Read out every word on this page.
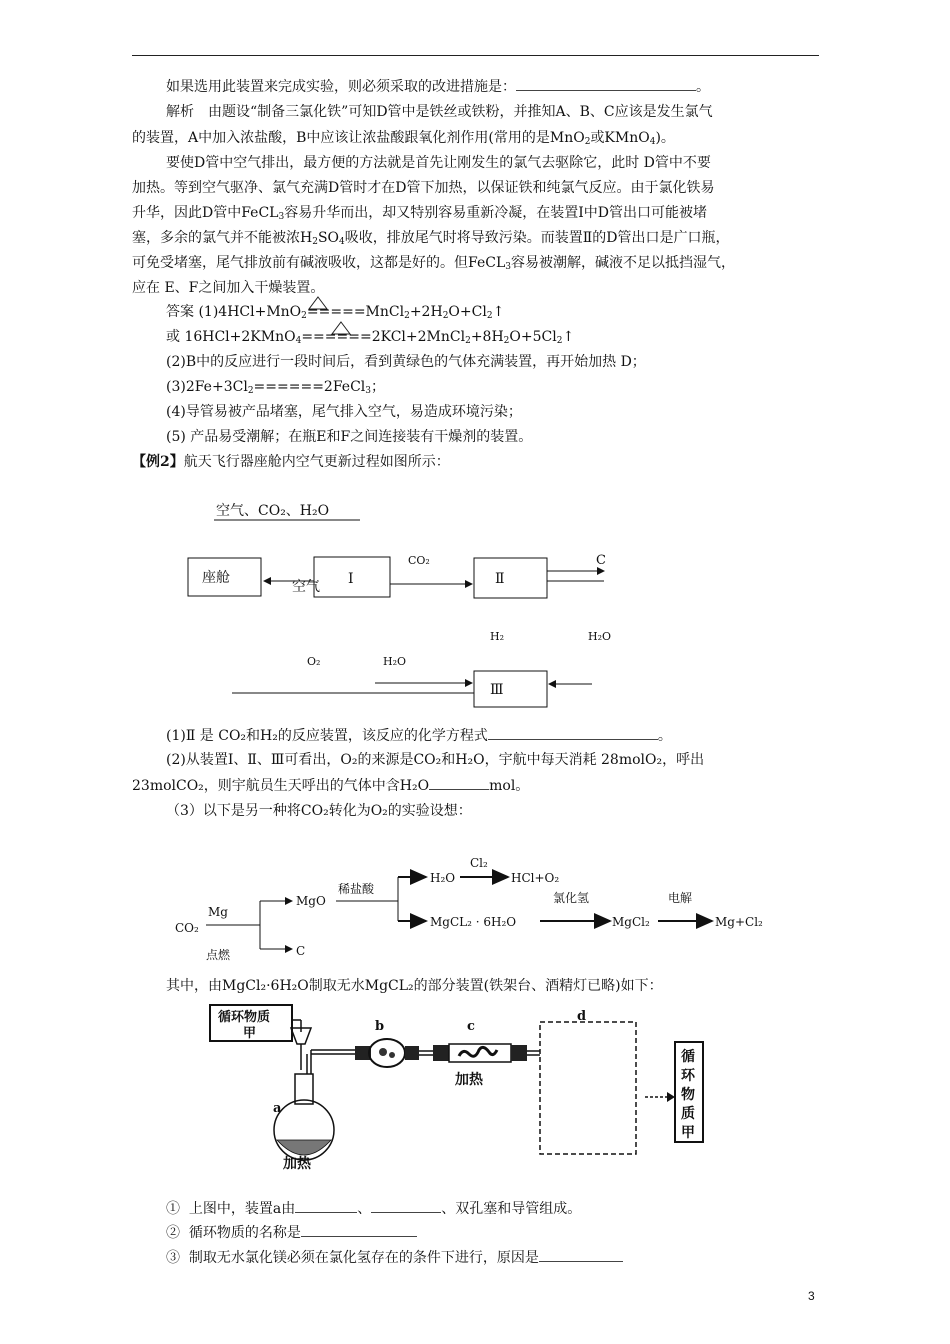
如果选用此装置来完成实验，则必须采取的改进措施是：	。
解析　由题设“制备三氯化铁”可知D管中是铁丝或铁粉，并推知A、B、C应该是发生氯气
的装置，A中加入浓盐酸，B中应该让浓盐酸跟氧化剂作用(常用的是MnO$_2$或KMnO$_4$)。
要使D管中空气排出，最方便的方法就是首先让刚发生的氯气去驱除它，此时 D管中不要
加热。等到空气驱净、氯气充满D管时才在D管下加热，以保证铁和纯氯气反应。由于氯化铁易
升华，因此D管中FeCL$_3$容易升华而出，却又特别容易重新冷凝，在装置Ⅰ中D管出口可能被堵
塞，多余的氯气并不能被浓$H_2SO_4$吸收，排放尾气时将导致污染。而装置Ⅱ的D管出口是广口瓶，
可免受堵塞，尾气排放前有碱液吸收，这都是好的。但FeCL$_3$容易被潮解，碱液不足以抵挡湿气，
应在 E、F之间加入干燥装置。
答案 $(1)4HCl+MnO_2=====MnCl_2+2H_2O+Cl_2↑$
或 $16HCl+2KMnO_4======2KCl+2MnCl_2+8H_2O+5Cl_2↑$
(2)B中的反应进行一段时间后，看到黄绿色的气体充满装置，再开始加热 D；
$(3)2Fe+3Cl_2======2FeCl_3$；
(4)导管易被产品堵塞，尾气排入空气，易造成环境污染；
(5) 产品易受潮解；在瓶E和F之间连接装有干燥剂的装置。
【例2】航天飞行器座舱内空气更新过程如图所示：
空气、CO₂、H₂O
座舱	Ⅰ
空气
CO₂
Ⅱ
C
H₂	H₂O
O₂	H₂O
Ⅲ
(1)Ⅱ 是 CO₂和H₂的反应装置，该反应的化学方程式	。
(2)从装置Ⅰ、Ⅱ、Ⅲ可看出，O₂的来源是CO₂和H₂O，宇航中每天消耗 28molO₂，呼出
23molCO₂，则宇航员生天呼出的气体中含H₂O	mol。
（3）以下是另一种将CO₂转化为O₂的实验设想：
CO₂
Mg
点燃
MgO
C
稀盐酸
H₂O
Cl₂
HCl+O₂
MgCL₂ · 6H₂O
氯化氢
MgCl₂
电解
Mg+Cl₂
其中，由MgCl₂·6H₂O制取无水MgCL₂的部分装置(铁架台、酒精灯已略)如下：
循环物质
甲
a
加热
b	c
加热
d
循
环
物
质
甲
① 上图中，装置a由	、	、双孔塞和导管组成。
② 循环物质的名称是
③ 制取无水氯化镁必须在氯化氢存在的条件下进行，原因是
3
